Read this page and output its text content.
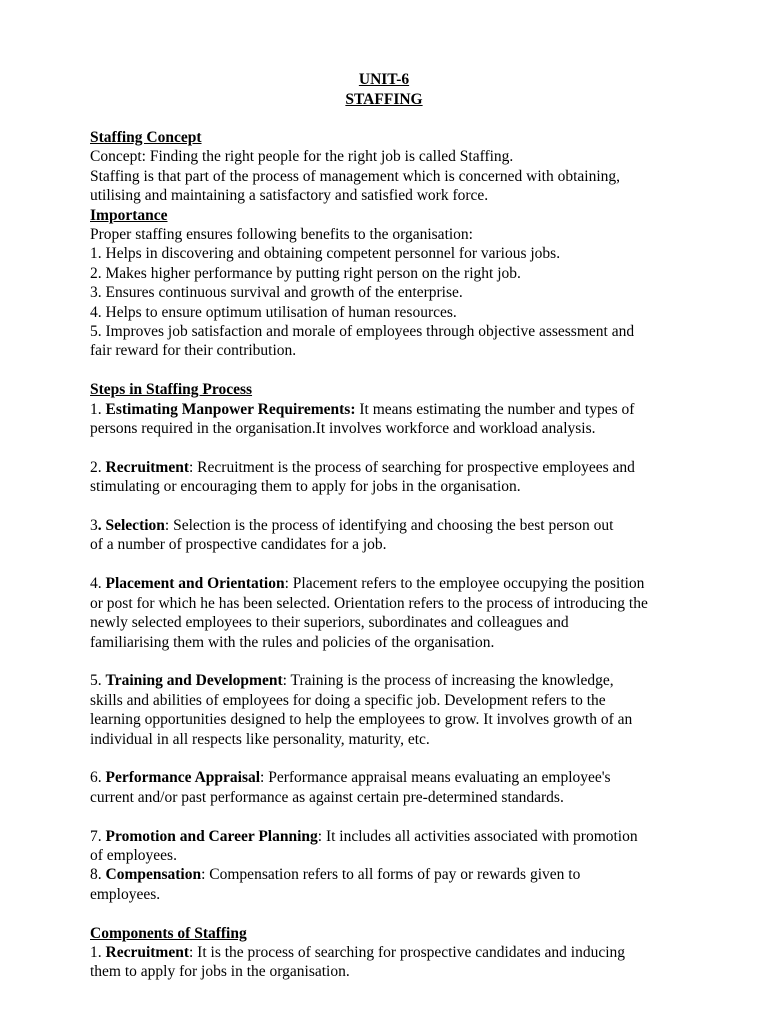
UNIT-6
STAFFING

Staffing Concept

Concept: Finding the right people for the right job is called Staffing.

Staffing is that part of the process of management which is concerned with obtaining,

utilising and maintaining a satisfactory and satisfied work force.

Importance

Proper staffing ensures following benefits to the organisation:

1. Helps in discovering and obtaining competent personnel for various jobs.

2. Makes higher performance by putting right person on the right job.

3. Ensures continuous survival and growth of the enterprise.

4. Helps to ensure optimum utilisation of human resources.

5. Improves job satisfaction and morale of employees through objective assessment and

fair reward for their contribution.

Steps in Staffing Process

1. Estimating Manpower Requirements: It means estimating the number and types of

persons required in the organisation.It involves workforce and workload analysis.

2. Recruitment: Recruitment is the process of searching for prospective employees and

stimulating or encouraging them to apply for jobs in the organisation.

3. Selection: Selection is the process of identifying and choosing the best person out

of a number of prospective candidates for a job.

4. Placement and Orientation: Placement refers to the employee occupying the position

or post for which he has been selected. Orientation refers to the process of introducing the

newly selected employees to their superiors, subordinates and colleagues and

familiarising them with the rules and policies of the organisation.

5. Training and Development: Training is the process of increasing the knowledge,

skills and abilities of employees for doing a specific job. Development refers to the

learning opportunities designed to help the employees to grow. It involves growth of an

individual in all respects like personality, maturity, etc.

6. Performance Appraisal: Performance appraisal means evaluating an employee's

current and/or past performance as against certain pre-determined standards.

7. Promotion and Career Planning: It includes all activities associated with promotion

of employees.

8. Compensation: Compensation refers to all forms of pay or rewards given to

employees.

Components of Staffing

1. Recruitment: It is the process of searching for prospective candidates and inducing

them to apply for jobs in the organisation.
